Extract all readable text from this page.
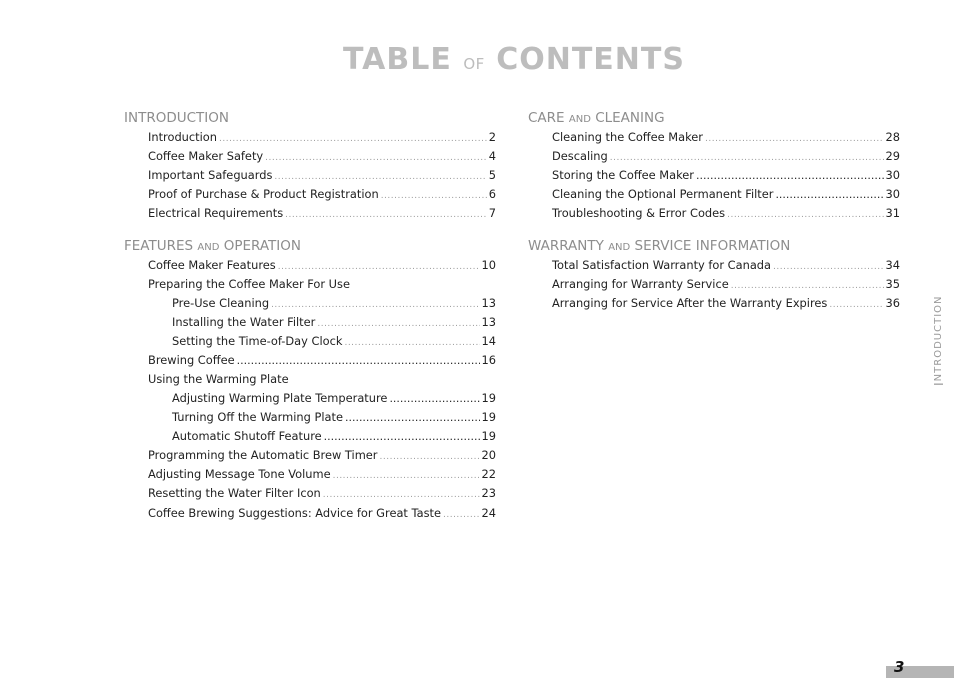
TABLE OF CONTENTS
INTRODUCTION
Introduction .....	2
Coffee Maker Safety .....	4
Important Safeguards .....	5
Proof of Purchase & Product Registration .....	6
Electrical Requirements .....	7
FEATURES AND OPERATION
Coffee Maker Features .....	10
Preparing the Coffee Maker For Use
Pre-Use Cleaning .....	13
Installing the Water Filter .....	13
Setting the Time-of-Day Clock .....	14
Brewing Coffee .....	16
Using the Warming Plate
Adjusting Warming Plate Temperature .....	19
Turning Off the Warming Plate .....	19
Automatic Shutoff Feature .....	19
Programming the Automatic Brew Timer .....	20
Adjusting Message Tone Volume .....	22
Resetting the Water Filter Icon .....	23
Coffee Brewing Suggestions: Advice for Great Taste .....	24
CARE AND CLEANING
Cleaning the Coffee Maker .....	28
Descaling .....	29
Storing the Coffee Maker .....	30
Cleaning the Optional Permanent Filter .....	30
Troubleshooting & Error Codes .....	31
WARRANTY AND SERVICE INFORMATION
Total Satisfaction Warranty for Canada .....	34
Arranging for Warranty Service .....	35
Arranging for Service After the Warranty Expires .....	36
INTRODUCTION
3
